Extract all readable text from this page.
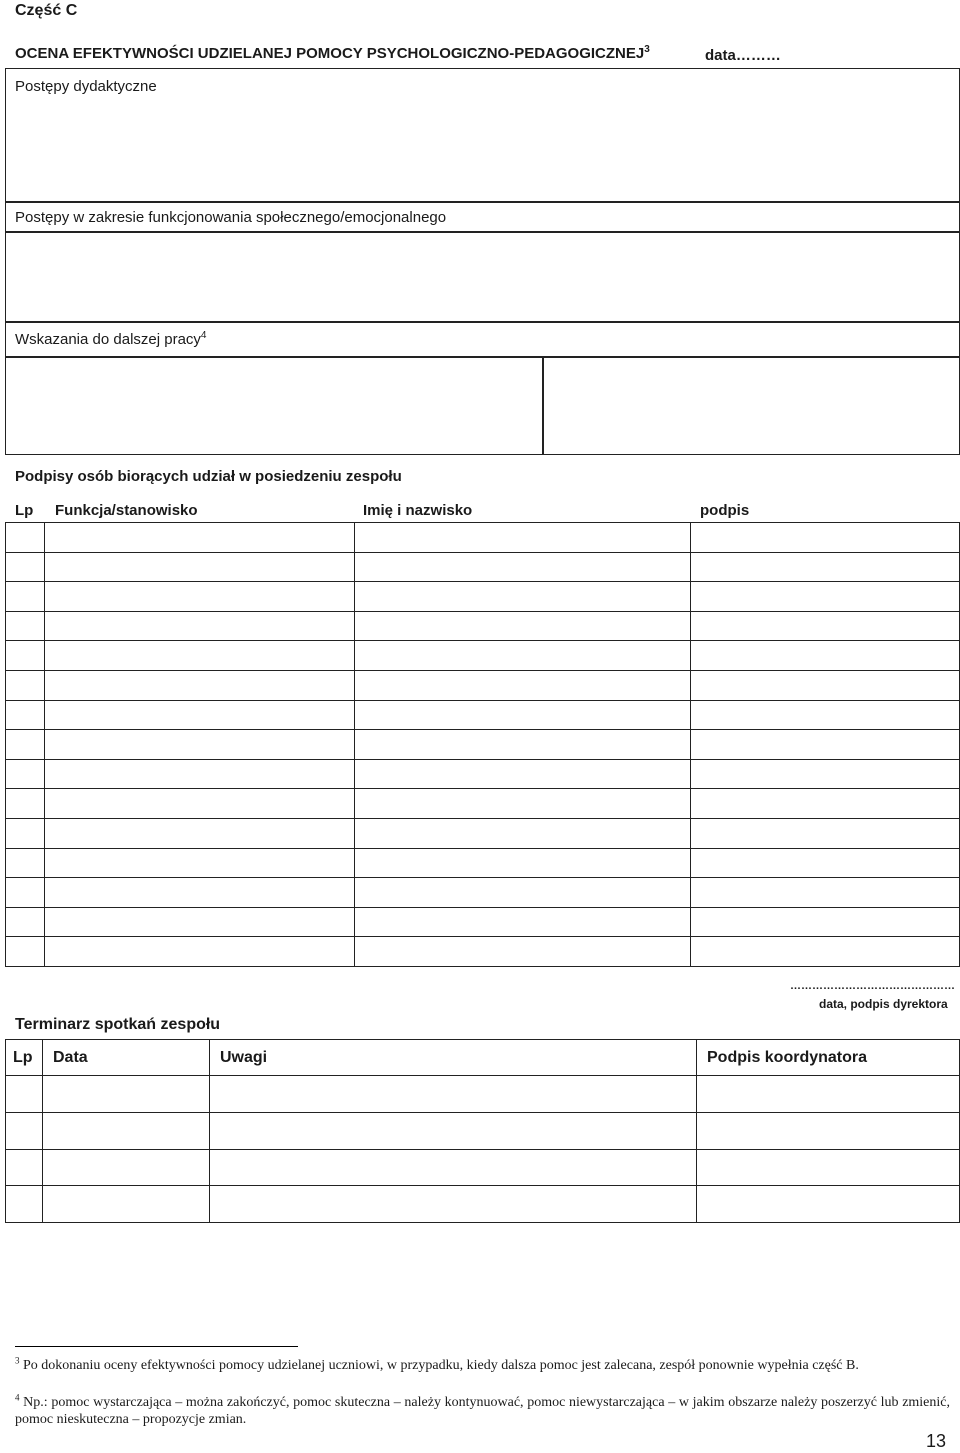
Część C
OCENA EFEKTYWNOŚCI UDZIELANEJ POMOCY PSYCHOLOGICZNO-PEDAGOGICZNEJ$^3$	data………
Postępy dydaktyczne
Postępy w zakresie funkcjonowania społecznego/emocjonalnego
Wskazania do dalszej pracy$^4$
Podpisy osób biorących udział w posiedzeniu zespołu
Lp Funkcja/stanowisko	Imię i nazwisko	podpis

………………………………………
data, podpis dyrektora
Terminarz spotkań zespołu
Lp	Data	Uwagi	Podpis koordynatora

$^3$ Po dokonaniu oceny efektywności pomocy udzielanej uczniowi, w przypadku, kiedy dalsza pomoc jest zalecana, zespół ponownie wypełnia część B.
$^4$ Np.: pomoc wystarczająca – można zakończyć, pomoc skuteczna – należy kontynuować, pomoc niewystarczająca – w jakim obszarze należy poszerzyć lub zmienić, pomoc nieskuteczna – propozycje zmian.
13
